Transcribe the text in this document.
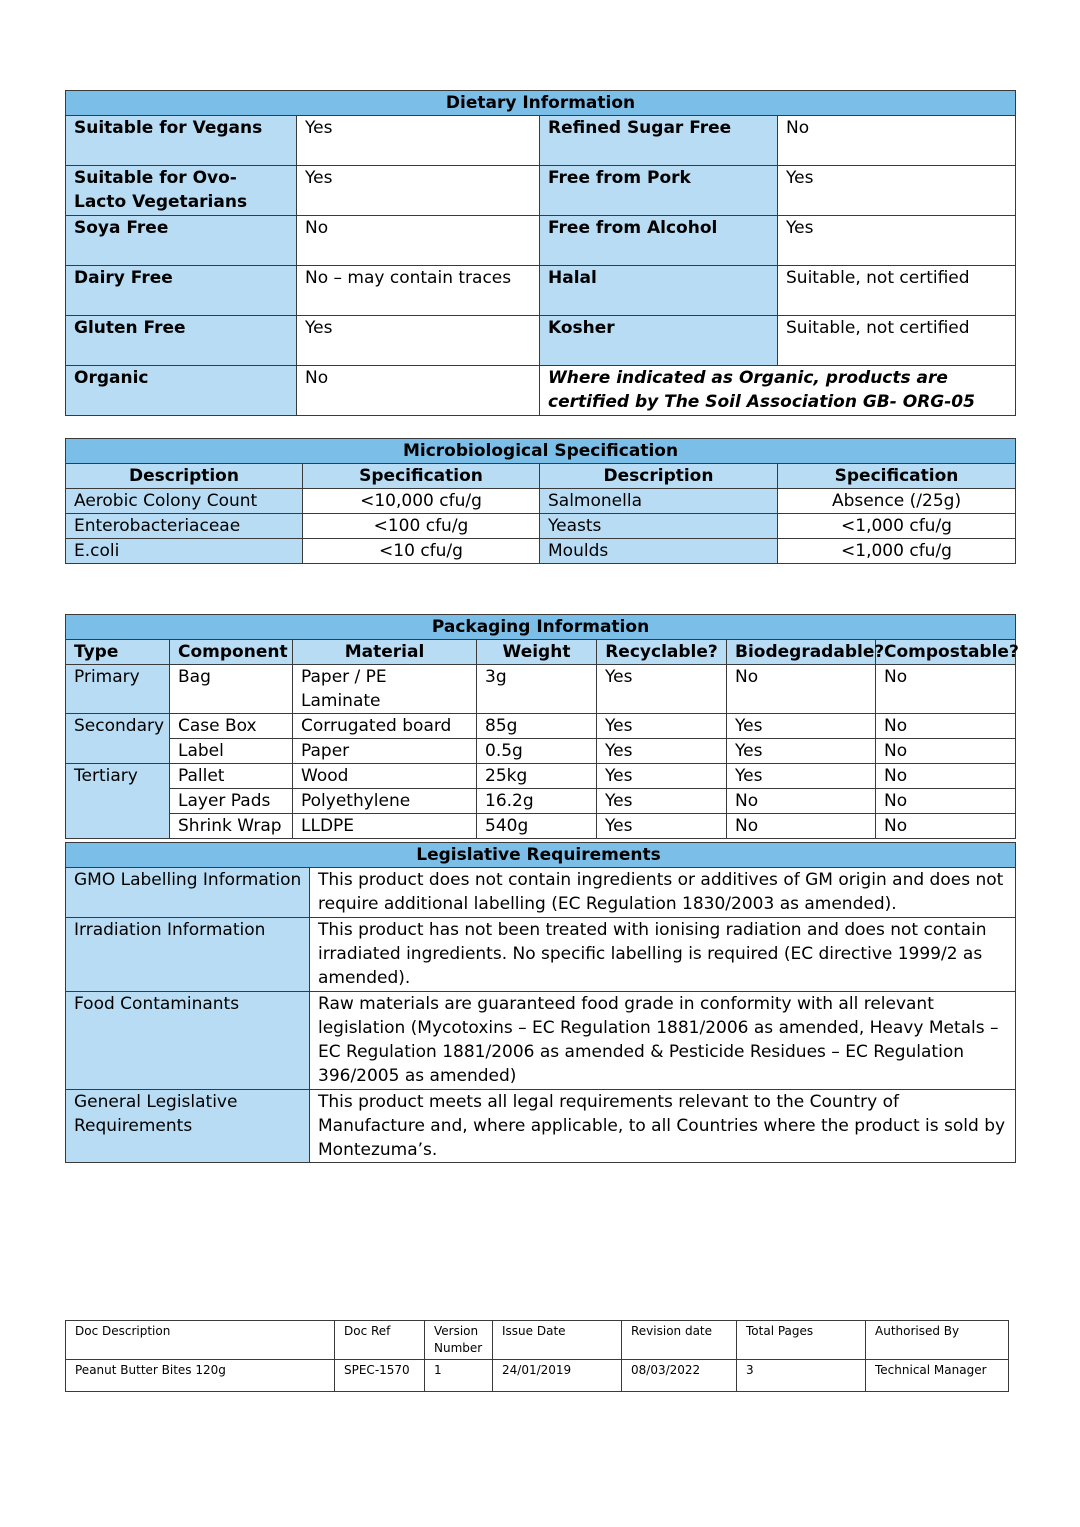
Dietary Information			
Suitable for Vegans	Yes	Refined Sugar Free	No
Suitable for Ovo-Lacto Vegetarians	Yes	Free from Pork	Yes
Soya Free	No	Free from Alcohol	Yes
Dairy Free	No – may contain traces	Halal	Suitable, not certified
Gluten Free	Yes	Kosher	Suitable, not certified
Organic	No	Where indicated as Organic, products are certified by The Soil Association GB- ORG-05	
Microbiological Specification			
Description	Specification	Description	Specification
Aerobic Colony Count	<10,000 cfu/g	Salmonella	Absence (/25g)
Enterobacteriaceae	<100 cfu/g	Yeasts	<1,000 cfu/g
E.coli	<10 cfu/g	Moulds	<1,000 cfu/g
Packaging Information						
Type	Component	Material	Weight	Recyclable?	Biodegradable?	Compostable?
Primary	Bag	Paper / PE Laminate	3g	Yes	No	No
Secondary	Case Box	Corrugated board	85g	Yes	Yes	No
	Label	Paper	0.5g	Yes	Yes	No
Tertiary	Pallet	Wood	25kg	Yes	Yes	No
	Layer Pads	Polyethylene	16.2g	Yes	No	No
	Shrink Wrap	LLDPE	540g	Yes	No	No
Legislative Requirements	
GMO Labelling Information	This product does not contain ingredients or additives of GM origin and does not require additional labelling (EC Regulation 1830/2003 as amended).
Irradiation Information	This product has not been treated with ionising radiation and does not contain irradiated ingredients. No specific labelling is required (EC directive 1999/2 as amended).
Food Contaminants	Raw materials are guaranteed food grade in conformity with all relevant legislation (Mycotoxins – EC Regulation 1881/2006 as amended, Heavy Metals – EC Regulation 1881/2006 as amended & Pesticide Residues – EC Regulation 396/2005 as amended)
General Legislative Requirements	This product meets all legal requirements relevant to the Country of Manufacture and, where applicable, to all Countries where the product is sold by Montezuma’s.
Doc Description	Doc Ref	Version Number	Issue Date	Revision date	Total Pages	Authorised By
Peanut Butter Bites 120g	SPEC-1570	1	24/01/2019	08/03/2022	3	Technical Manager
